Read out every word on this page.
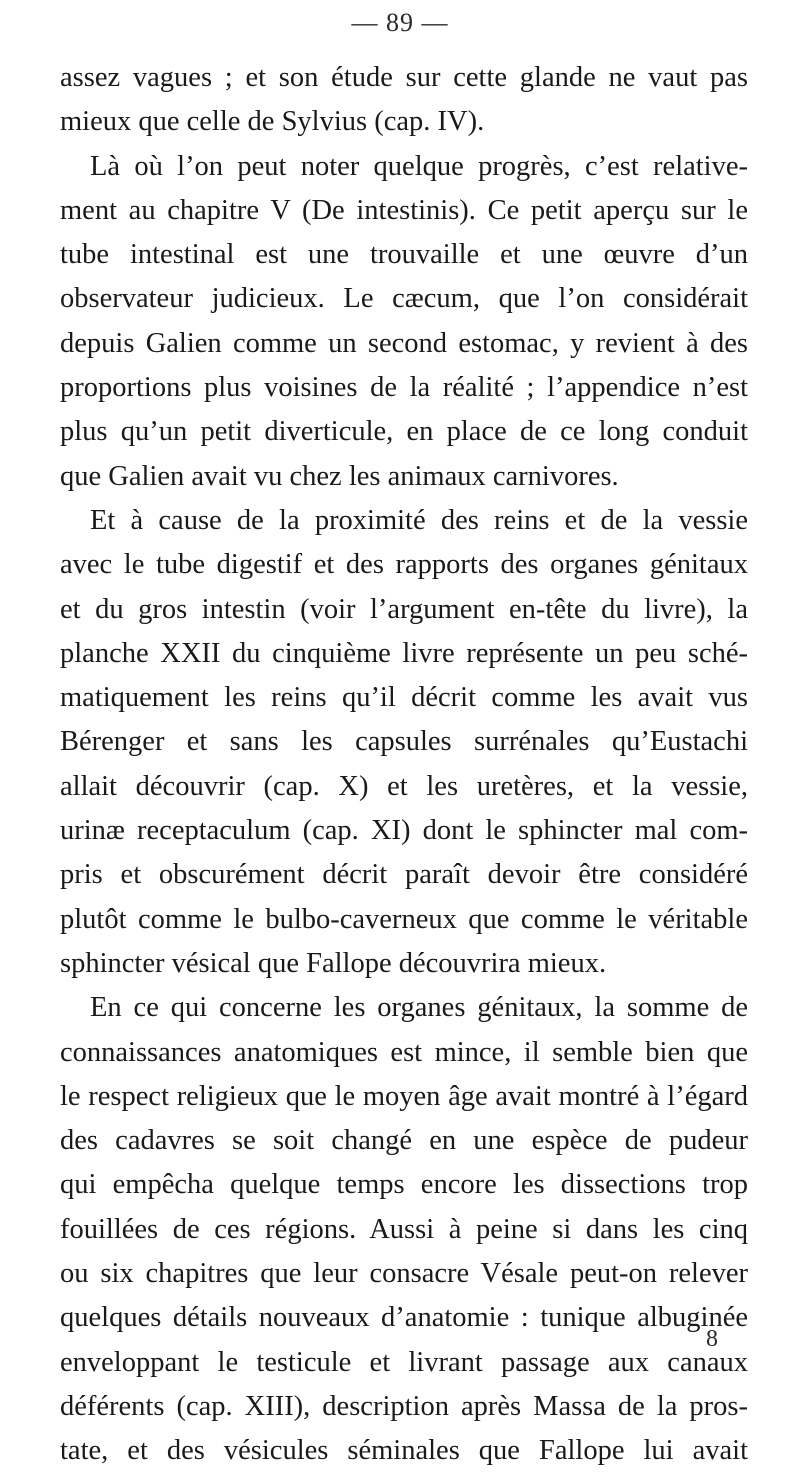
— 89 —
assez vagues ; et son étude sur cette glande ne vaut pas
mieux que celle de Sylvius (cap. IV).
Là où l’on peut noter quelque progrès, c’est relative-
ment au chapitre V (De intestinis). Ce petit aperçu sur le
tube intestinal est une trouvaille et une œuvre d’un
observateur judicieux. Le cæcum, que l’on considérait
depuis Galien comme un second estomac, y revient à des
proportions plus voisines de la réalité ; l’appendice n’est
plus qu’un petit diverticule, en place de ce long conduit
que Galien avait vu chez les animaux carnivores.
Et à cause de la proximité des reins et de la vessie
avec le tube digestif et des rapports des organes génitaux
et du gros intestin (voir l’argument en-tête du livre), la
planche XXII du cinquième livre représente un peu sché-
matiquement les reins qu’il décrit comme les avait vus
Bérenger et sans les capsules surrénales qu’Eustachi
allait découvrir (cap. X) et les uretères, et la vessie,
urinæ receptaculum (cap. XI) dont le sphincter mal com-
pris et obscurément décrit paraît devoir être considéré
plutôt comme le bulbo-caverneux que comme le véritable
sphincter vésical que Fallope découvrira mieux.
En ce qui concerne les organes génitaux, la somme de
connaissances anatomiques est mince, il semble bien que
le respect religieux que le moyen âge avait montré à l’égard
des cadavres se soit changé en une espèce de pudeur
qui empêcha quelque temps encore les dissections trop
fouillées de ces régions. Aussi à peine si dans les cinq
ou six chapitres que leur consacre Vésale peut-on relever
quelques détails nouveaux d’anatomie : tunique albuginée
enveloppant le testicule et livrant passage aux canaux
déférents (cap. XIII), description après Massa de la pros-
tate, et des vésicules séminales que Fallope lui avait
8
